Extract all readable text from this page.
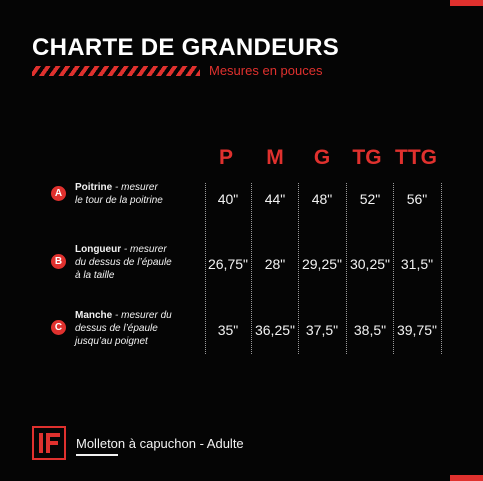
CHARTE DE GRANDEURS
Mesures en pouces
P	M	G	TG TTG
A
Poitrine - mesurer
le tour de la poitrine	40"	44"	48"	52"	56"
B
Longueur - mesurer
du dessus de l’épaule
à la taille
26,75"	28"	29,25" 30,25" 31,5"
C
Manche - mesurer du
dessus de l’épaule
jusqu’au poignet
35"	36,25" 37,5"	38,5" 39,75"
Molleton à capuchon - Adulte
